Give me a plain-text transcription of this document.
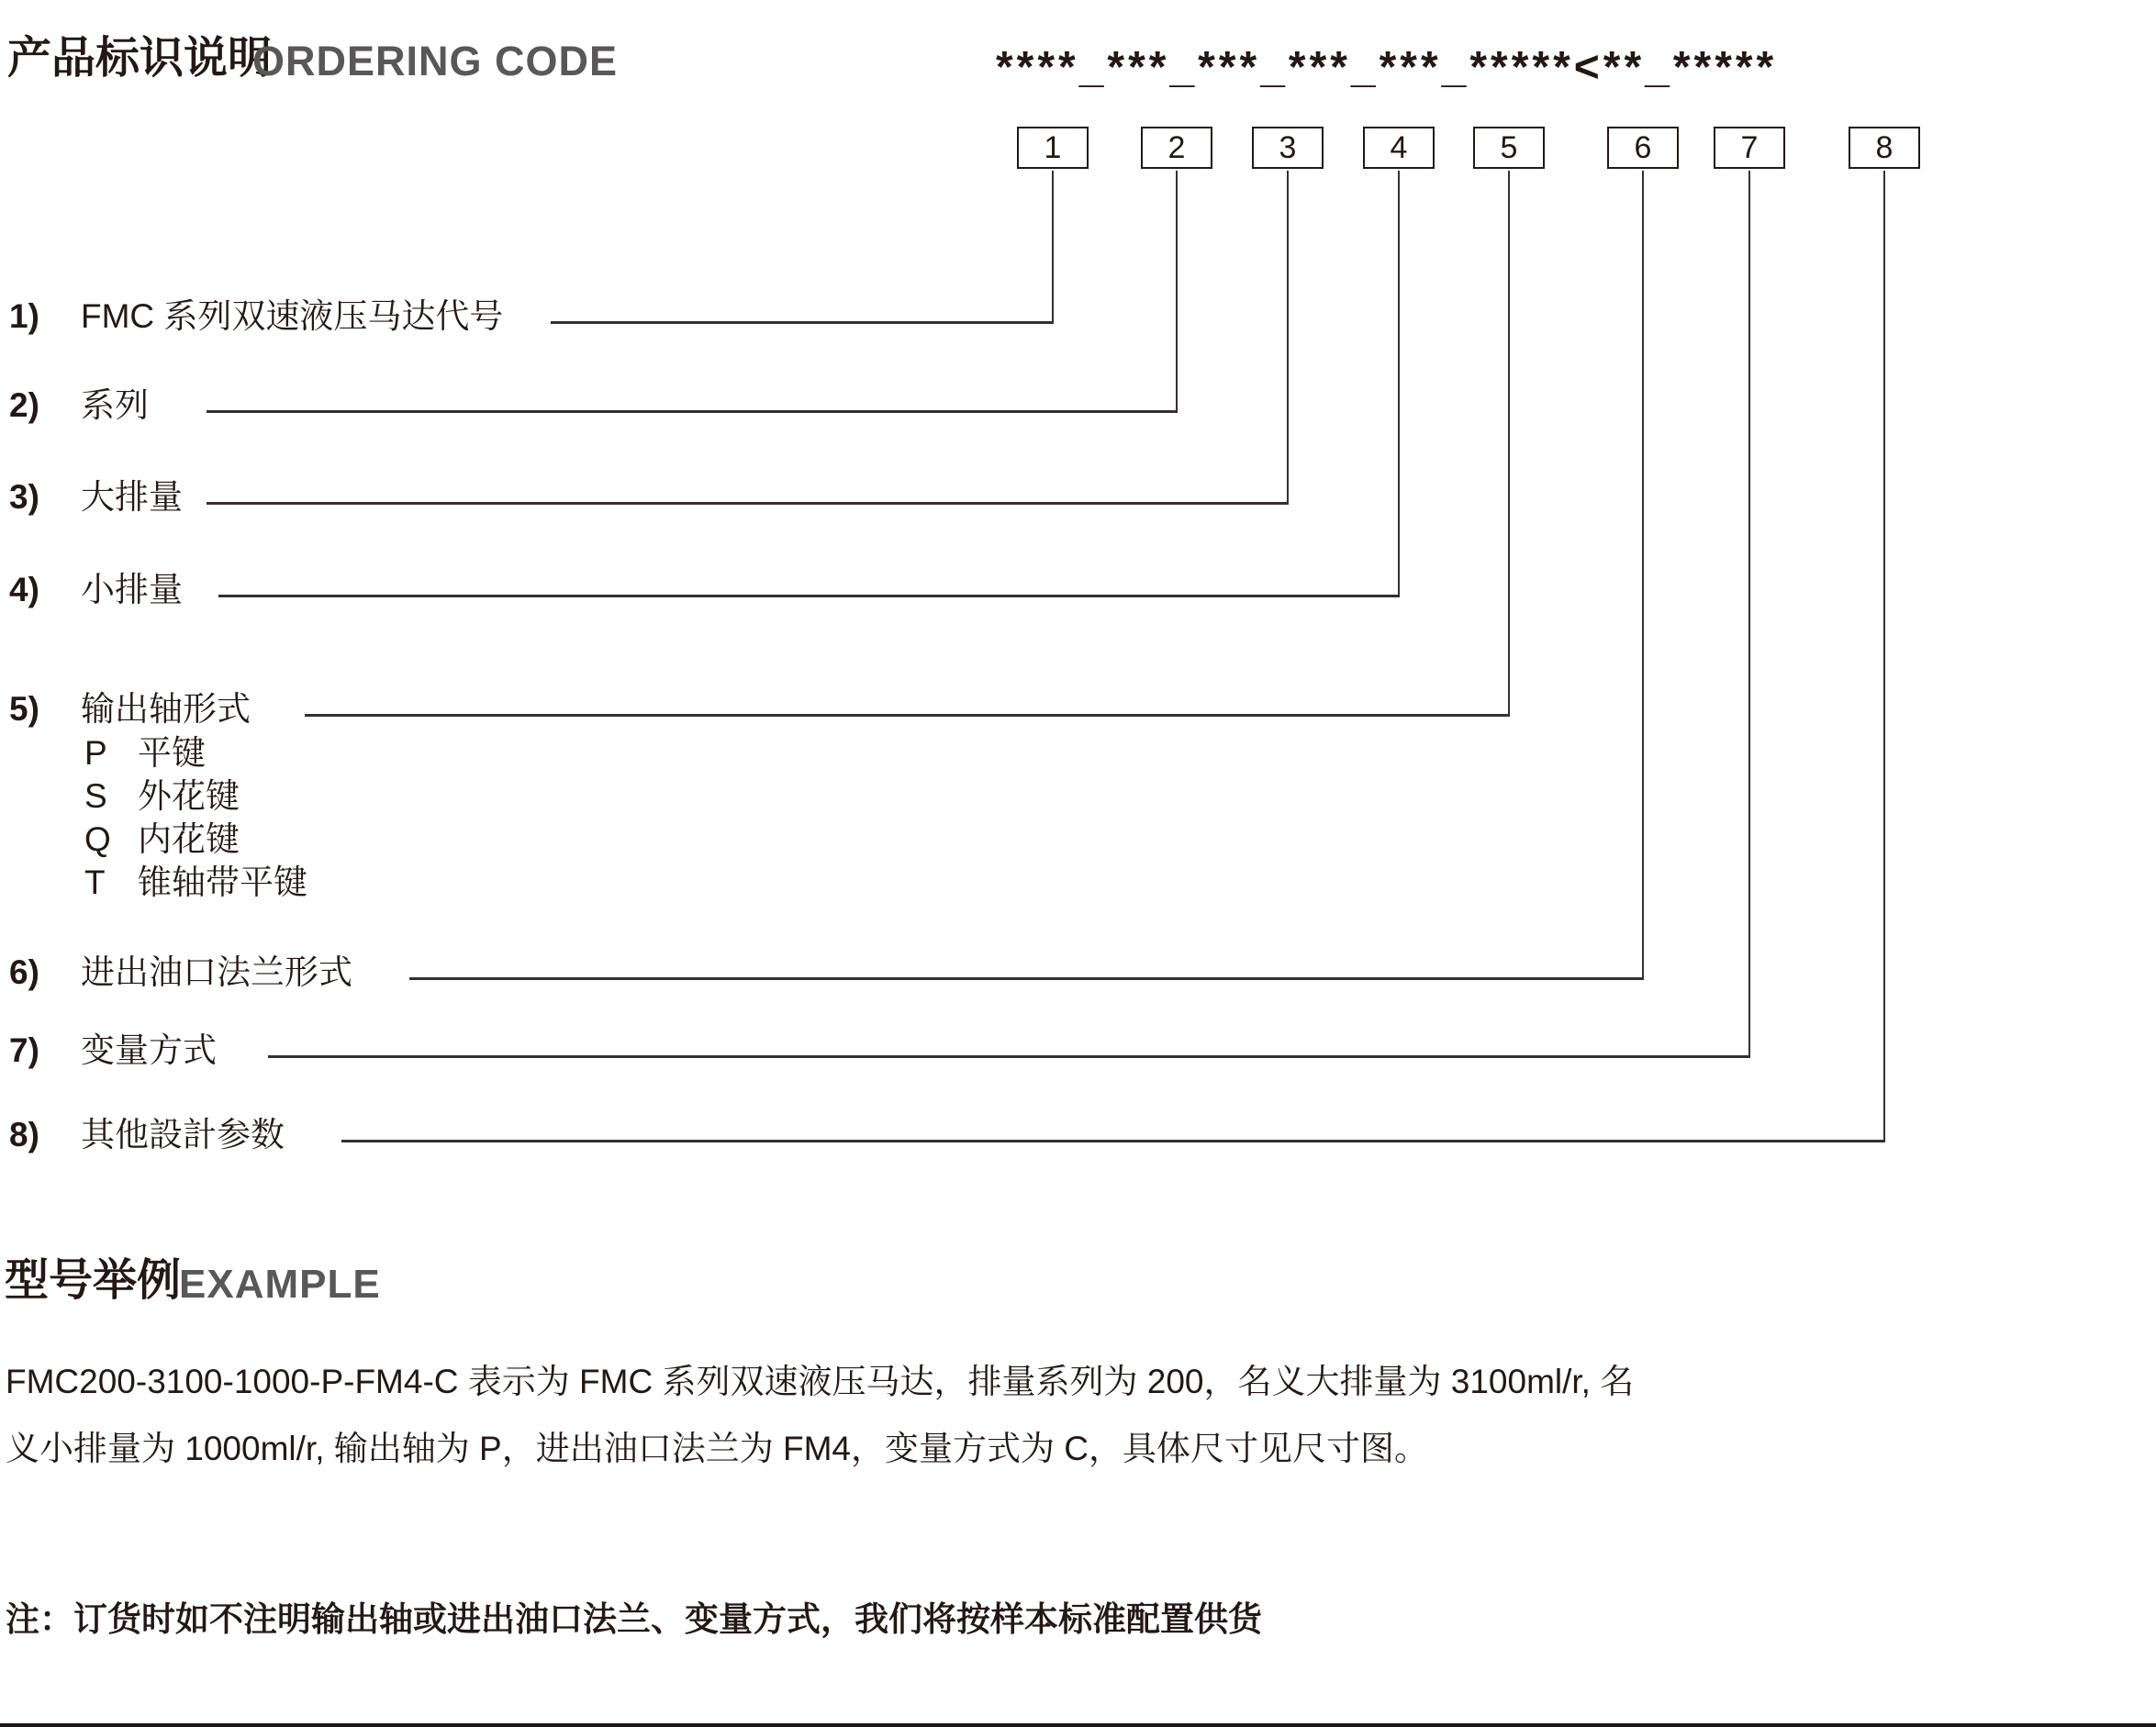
产品标识说明
ORDERING CODE	****_***_***_***_***_*****<**_*****
1	2	3	4	5	6	7	8
1) FMC 系列双速液压马达代号
2) 系列
3) 大排量
4) 小排量
5) 输出轴形式
P 平键
S 外花键
Q 内花键
T 锥轴带平键
6) 进出油口法兰形式
7) 变量方式
8) 其他設計参数
型号举例
EXAMPLE
FMC200-3100-1000-P-FM4-C 表示为 FMC 系列双速液压马达，排量系列为 200，名义大排量为 3100ml/r, 名
义小排量为 1000ml/r, 输出轴为 P，进出油口法兰为 FM4，变量方式为 C，具体尺寸见尺寸图。
注：订货时如不注明输出轴或进出油口法兰、变量方式，我们将按样本标准配置供货
